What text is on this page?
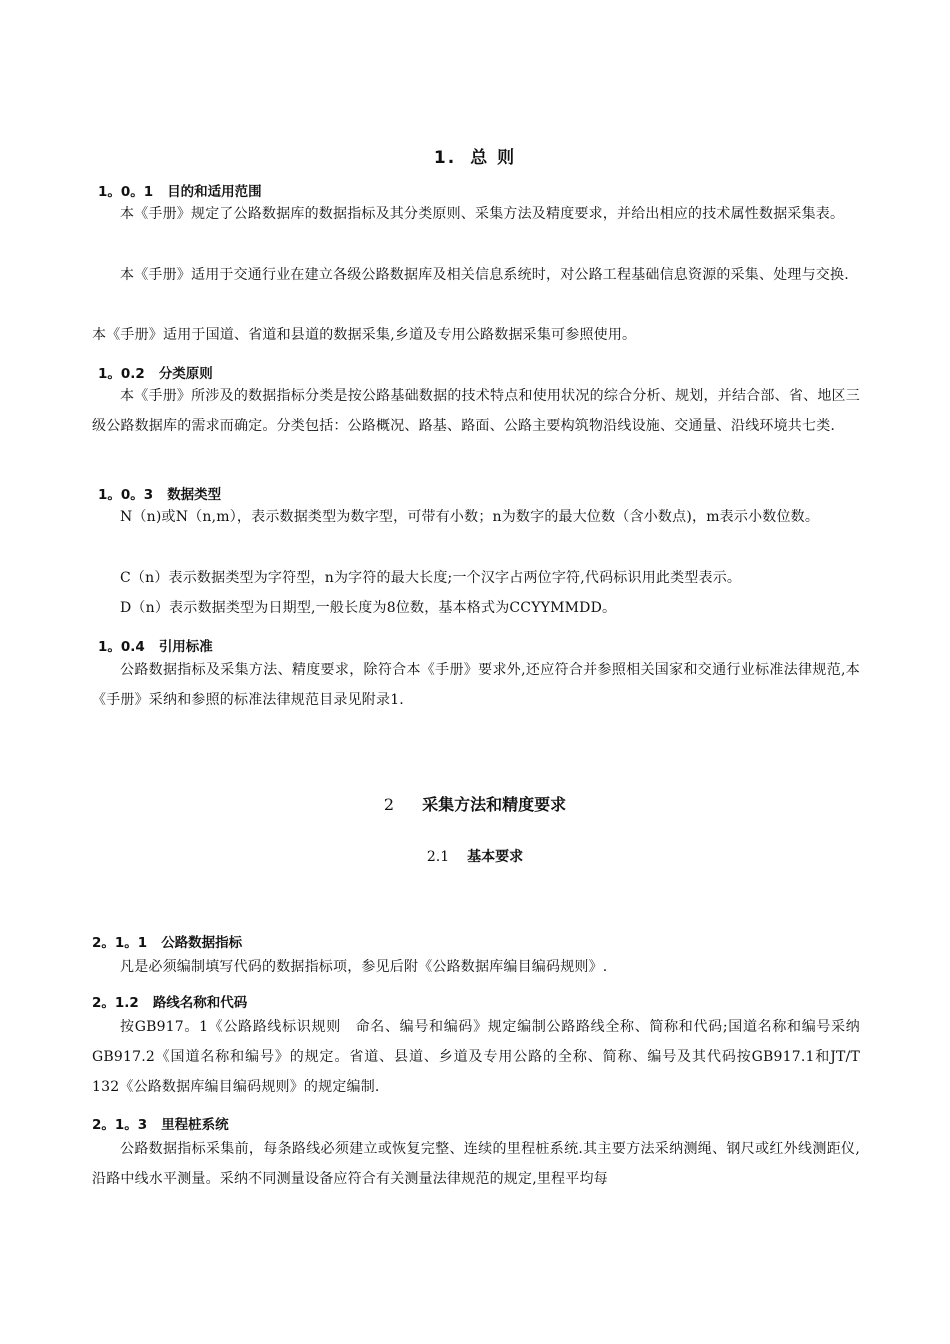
1. 总 则
1。0。1 目的和适用范围
本《手册》规定了公路数据库的数据指标及其分类原则、采集方法及精度要求，并给出相应的技术属性数据采集表。
本《手册》适用于交通行业在建立各级公路数据库及相关信息系统时，对公路工程基础信息资源的采集、处理与交换.
本《手册》适用于国道、省道和县道的数据采集,乡道及专用公路数据采集可参照使用。
1。0.2 分类原则
本《手册》所涉及的数据指标分类是按公路基础数据的技术特点和使用状况的综合分析、规划，并结合部、省、地区三级公路数据库的需求而确定。分类包括：公路概况、路基、路面、公路主要构筑物沿线设施、交通量、沿线环境共七类.
1。0。3 数据类型
N（n)或N（n,m），表示数据类型为数字型，可带有小数；n为数字的最大位数（含小数点)，m表示小数位数。
C（n）表示数据类型为字符型，n为字符的最大长度;一个汉字占两位字符,代码标识用此类型表示。
D（n）表示数据类型为日期型,一般长度为8位数，基本格式为CCYYMMDD。
1。0.4 引用标准
公路数据指标及采集方法、精度要求，除符合本《手册》要求外,还应符合并参照相关国家和交通行业标准法律规范,本《手册》采纳和参照的标准法律规范目录见附录1.
2 采集方法和精度要求
2.1 基本要求
2。1。1 公路数据指标
凡是必须编制填写代码的数据指标项，参见后附《公路数据库编目编码规则》.
2。1.2 路线名称和代码
按GB917。1《公路路线标识规则　命名、编号和编码》规定编制公路路线全称、简称和代码;国道名称和编号采纳GB917.2《国道名称和编号》的规定。省道、县道、乡道及专用公路的全称、简称、编号及其代码按GB917.1和JT/T 132《公路数据库编目编码规则》的规定编制.
2。1。3 里程桩系统
公路数据指标采集前，每条路线必须建立或恢复完整、连续的里程桩系统.其主要方法采纳测绳、钢尺或红外线测距仪,沿路中线水平测量。采纳不同测量设备应符合有关测量法律规范的规定,里程平均每
